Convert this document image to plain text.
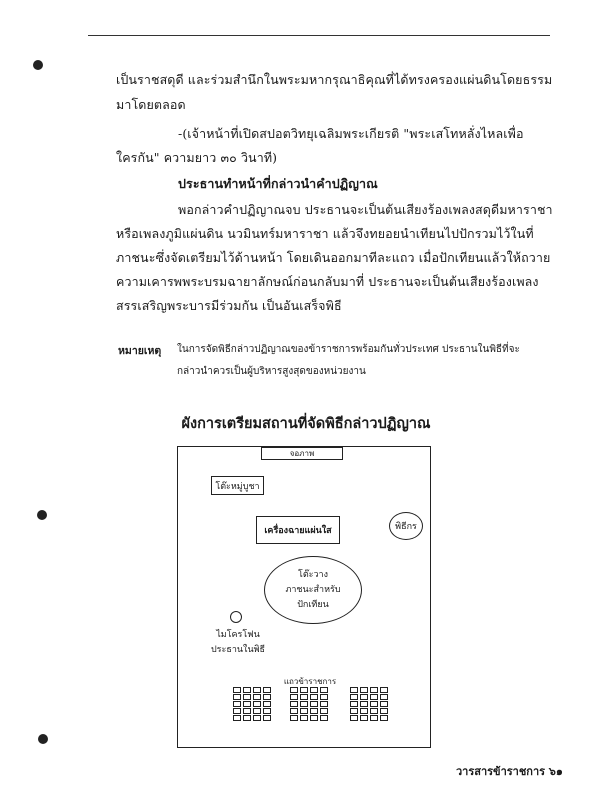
เป็นราชสดุดี และร่วมสำนึกในพระมหากรุณาธิคุณที่ได้ทรงครองแผ่นดินโดยธรรม
มาโดยตลอด
-(เจ้าหน้าที่เปิดสปอตวิทยุเฉลิมพระเกียรติ "พระเสโทหลั่งไหลเพื่อ
ใครกัน" ความยาว ๓๐ วินาที)
ประธานทำหน้าที่กล่าวนำคำปฏิญาณ
พอกล่าวคำปฏิญาณจบ ประธานจะเป็นต้นเสียงร้องเพลงสดุดีมหาราชา
หรือเพลงภูมิแผ่นดิน นวมินทร์มหาราชา แล้วจึงทยอยนำเทียนไปปักรวมไว้ในที่
ภาชนะซึ่งจัดเตรียมไว้ด้านหน้า โดยเดินออกมาทีละแถว เมื่อปักเทียนแล้วให้ถวาย
ความเคารพพระบรมฉายาลักษณ์ก่อนกลับมาที่ ประธานจะเป็นต้นเสียงร้องเพลง
สรรเสริญพระบารมีร่วมกัน เป็นอันเสร็จพิธี
หมายเหตุ ในการจัดพิธีกล่าวปฏิญาณของข้าราชการพร้อมกันทั่วประเทศ ประธานในพิธีที่จะ
กล่าวนำควรเป็นผู้บริหารสูงสุดของหน่วยงาน
ผังการเตรียมสถานที่จัดพิธีกล่าวปฏิญาณ
จอภาพ
โต๊ะหมู่บูชา
เครื่องฉายแผ่นใส	พิธีกร
โต๊ะวาง
ภาชนะสำหรับ
ปักเทียน
ไมโครโฟน
ประธานในพิธี
แถวข้าราชการ
วารสารข้าราชการ ๖๑
